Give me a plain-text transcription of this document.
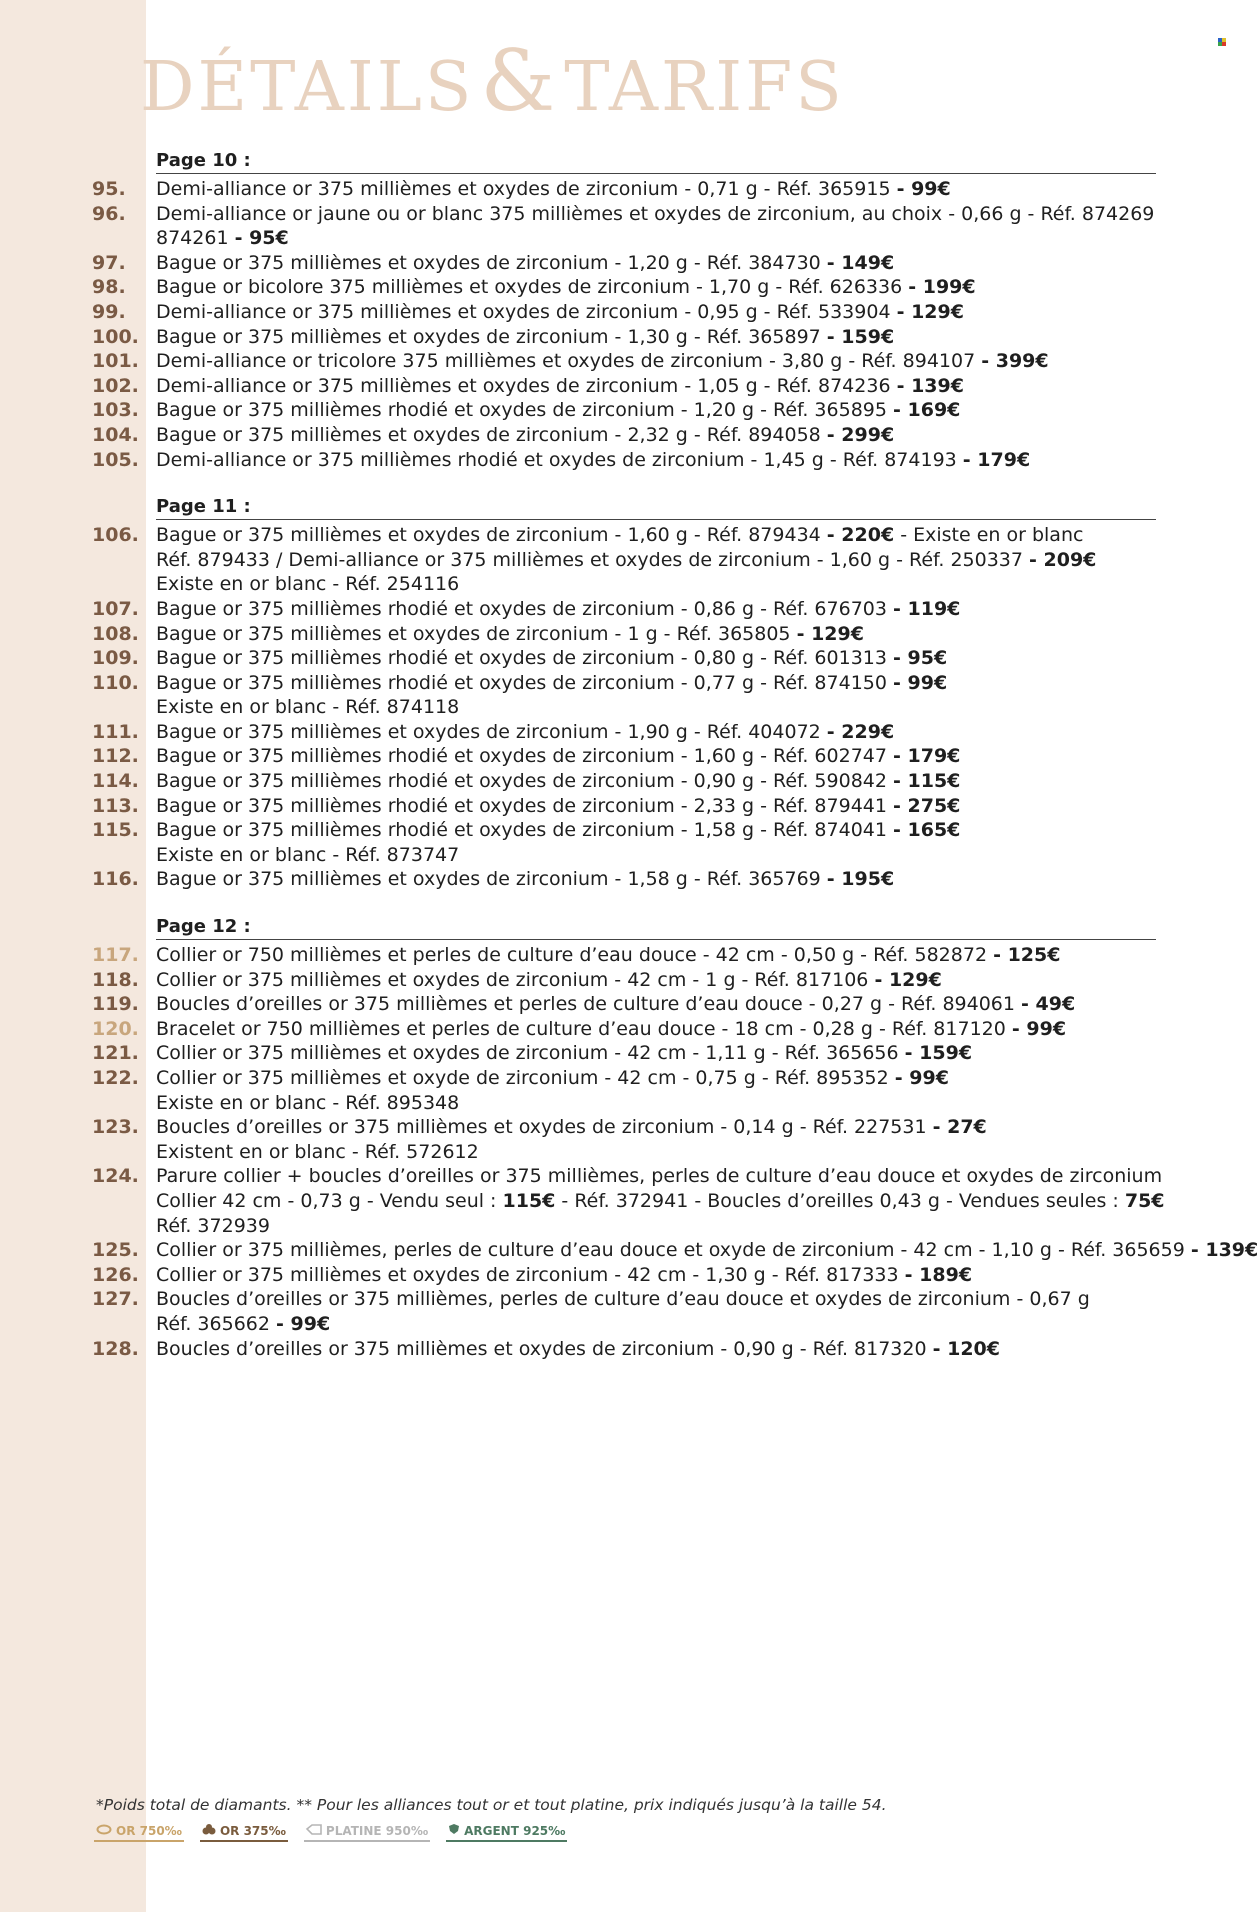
DÉTAILS&TARIFS
Page 10 :
95. Demi-alliance or 375 millièmes et oxydes de zirconium - 0,71 g - Réf. 365915 - 99€
96. Demi-alliance or jaune ou or blanc 375 millièmes et oxydes de zirconium, au choix - 0,66 g - Réf. 874269
874261 - 95€
97. Bague or 375 millièmes et oxydes de zirconium - 1,20 g - Réf. 384730 - 149€
98. Bague or bicolore 375 millièmes et oxydes de zirconium - 1,70 g - Réf. 626336 - 199€
99. Demi-alliance or 375 millièmes et oxydes de zirconium - 0,95 g - Réf. 533904 - 129€
100. Bague or 375 millièmes et oxydes de zirconium - 1,30 g - Réf. 365897 - 159€
101. Demi-alliance or tricolore 375 millièmes et oxydes de zirconium - 3,80 g - Réf. 894107 - 399€
102. Demi-alliance or 375 millièmes et oxydes de zirconium - 1,05 g - Réf. 874236 - 139€
103. Bague or 375 millièmes rhodié et oxydes de zirconium - 1,20 g - Réf. 365895 - 169€
104. Bague or 375 millièmes et oxydes de zirconium - 2,32 g - Réf. 894058 - 299€
105. Demi-alliance or 375 millièmes rhodié et oxydes de zirconium - 1,45 g - Réf. 874193 - 179€
Page 11 :
106. Bague or 375 millièmes et oxydes de zirconium - 1,60 g - Réf. 879434 - 220€ - Existe en or blanc
Réf. 879433 / Demi-alliance or 375 millièmes et oxydes de zirconium - 1,60 g - Réf. 250337 - 209€
Existe en or blanc - Réf. 254116
107. Bague or 375 millièmes rhodié et oxydes de zirconium - 0,86 g - Réf. 676703 - 119€
108. Bague or 375 millièmes et oxydes de zirconium - 1 g - Réf. 365805 - 129€
109. Bague or 375 millièmes rhodié et oxydes de zirconium - 0,80 g - Réf. 601313 - 95€
110. Bague or 375 millièmes rhodié et oxydes de zirconium - 0,77 g - Réf. 874150 - 99€
Existe en or blanc - Réf. 874118
111. Bague or 375 millièmes et oxydes de zirconium - 1,90 g - Réf. 404072 - 229€
112. Bague or 375 millièmes rhodié et oxydes de zirconium - 1,60 g - Réf. 602747 - 179€
114. Bague or 375 millièmes rhodié et oxydes de zirconium - 0,90 g - Réf. 590842 - 115€
113. Bague or 375 millièmes rhodié et oxydes de zirconium - 2,33 g - Réf. 879441 - 275€
115. Bague or 375 millièmes rhodié et oxydes de zirconium - 1,58 g - Réf. 874041 - 165€
Existe en or blanc - Réf. 873747
116. Bague or 375 millièmes et oxydes de zirconium - 1,58 g - Réf. 365769 - 195€
Page 12 :
117. Collier or 750 millièmes et perles de culture d’eau douce - 42 cm - 0,50 g - Réf. 582872 - 125€
118. Collier or 375 millièmes et oxydes de zirconium - 42 cm - 1 g - Réf. 817106 - 129€
119. Boucles d’oreilles or 375 millièmes et perles de culture d’eau douce - 0,27 g - Réf. 894061 - 49€
120. Bracelet or 750 millièmes et perles de culture d’eau douce - 18 cm - 0,28 g - Réf. 817120 - 99€
121. Collier or 375 millièmes et oxydes de zirconium - 42 cm - 1,11 g - Réf. 365656 - 159€
122. Collier or 375 millièmes et oxyde de zirconium - 42 cm - 0,75 g - Réf. 895352 - 99€
Existe en or blanc - Réf. 895348
123. Boucles d’oreilles or 375 millièmes et oxydes de zirconium - 0,14 g - Réf. 227531 - 27€
Existent en or blanc - Réf. 572612
124. Parure collier + boucles d’oreilles or 375 millièmes, perles de culture d’eau douce et oxydes de zirconium
Collier 42 cm - 0,73 g - Vendu seul : 115€ - Réf. 372941 - Boucles d’oreilles 0,43 g - Vendues seules : 75€
Réf. 372939
125. Collier or 375 millièmes, perles de culture d’eau douce et oxyde de zirconium - 42 cm - 1,10 g - Réf. 365659 - 139€
126. Collier or 375 millièmes et oxydes de zirconium - 42 cm - 1,30 g - Réf. 817333 - 189€
127. Boucles d’oreilles or 375 millièmes, perles de culture d’eau douce et oxydes de zirconium - 0,67 g
Réf. 365662 - 99€
128. Boucles d’oreilles or 375 millièmes et oxydes de zirconium - 0,90 g - Réf. 817320 - 120€
*Poids total de diamants. ** Pour les alliances tout or et tout platine, prix indiqués jusqu’à la taille 54.
OR 750‰	OR 375‰	PLATINE 950‰	ARGENT 925‰
